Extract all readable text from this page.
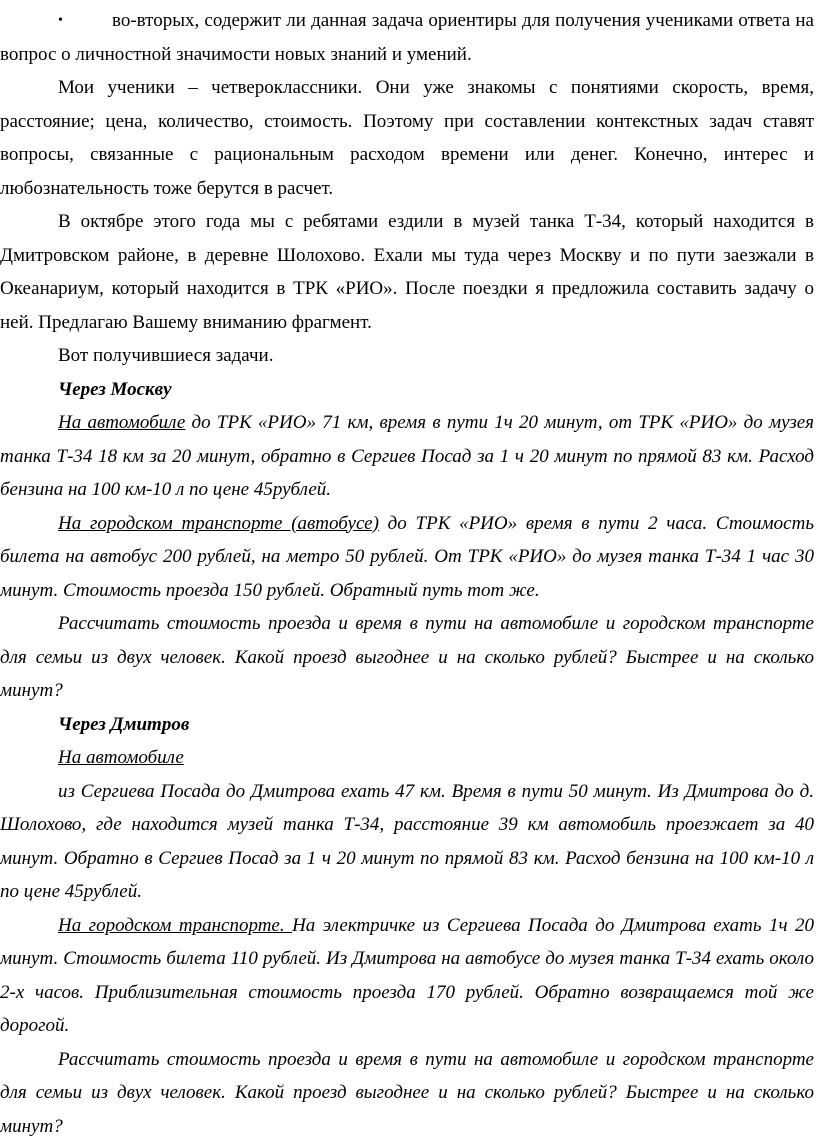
•	во-вторых, содержит ли данная задача ориентиры для получения учениками ответа на вопрос о личностной значимости новых знаний и умений.

Мои ученики – четвероклассники. Они уже знакомы с понятиями скорость, время, расстояние; цена, количество, стоимость. Поэтому при составлении контекстных задач ставят вопросы, связанные с рациональным расходом времени или денег. Конечно, интерес и любознательность тоже берутся в расчет.

В октябре этого года мы с ребятами ездили в музей танка Т-34, который находится в Дмитровском районе, в деревне Шолохово. Ехали мы туда через Москву и по пути заезжали в Океанариум, который находится в ТРК «РИО». После поездки я предложила составить задачу о ней. Предлагаю Вашему вниманию фрагмент.

Вот получившиеся задачи.

Через Москву

На автомобиле до ТРК «РИО» 71 км, время в пути 1ч 20 минут, от ТРК «РИО» до музея танка Т-34 18 км за 20 минут, обратно в Сергиев Посад за 1 ч 20 минут по прямой 83 км. Расход бензина на 100 км-10 л по цене 45рублей.

На городском транспорте (автобусе) до ТРК «РИО» время в пути 2 часа. Стоимость билета на автобус 200 рублей, на метро 50 рублей. От ТРК «РИО» до музея танка Т-34 1 час 30 минут. Стоимость проезда 150 рублей. Обратный путь тот же.

Рассчитать стоимость проезда и время в пути на автомобиле и городском транспорте для семьи из двух человек. Какой проезд выгоднее и на сколько рублей? Быстрее и на сколько минут?

Через Дмитров

На автомобиле

из Сергиева Посада до Дмитрова ехать 47 км. Время в пути 50 минут. Из Дмитрова до д. Шолохово, где находится музей танка Т-34, расстояние 39 км автомобиль проезжает за 40 минут. Обратно в Сергиев Посад за 1 ч 20 минут по прямой 83 км. Расход бензина на 100 км-10 л по цене 45рублей.

На городском транспорте. На электричке из Сергиева Посада до Дмитрова ехать 1ч 20 минут. Стоимость билета 110 рублей. Из Дмитрова на автобусе до музея танка Т-34 ехать около 2-х часов. Приблизительная стоимость проезда 170 рублей. Обратно возвращаемся той же дорогой.

Рассчитать стоимость проезда и время в пути на автомобиле и городском транспорте для семьи из двух человек. Какой проезд выгоднее и на сколько рублей? Быстрее и на сколько минут?
